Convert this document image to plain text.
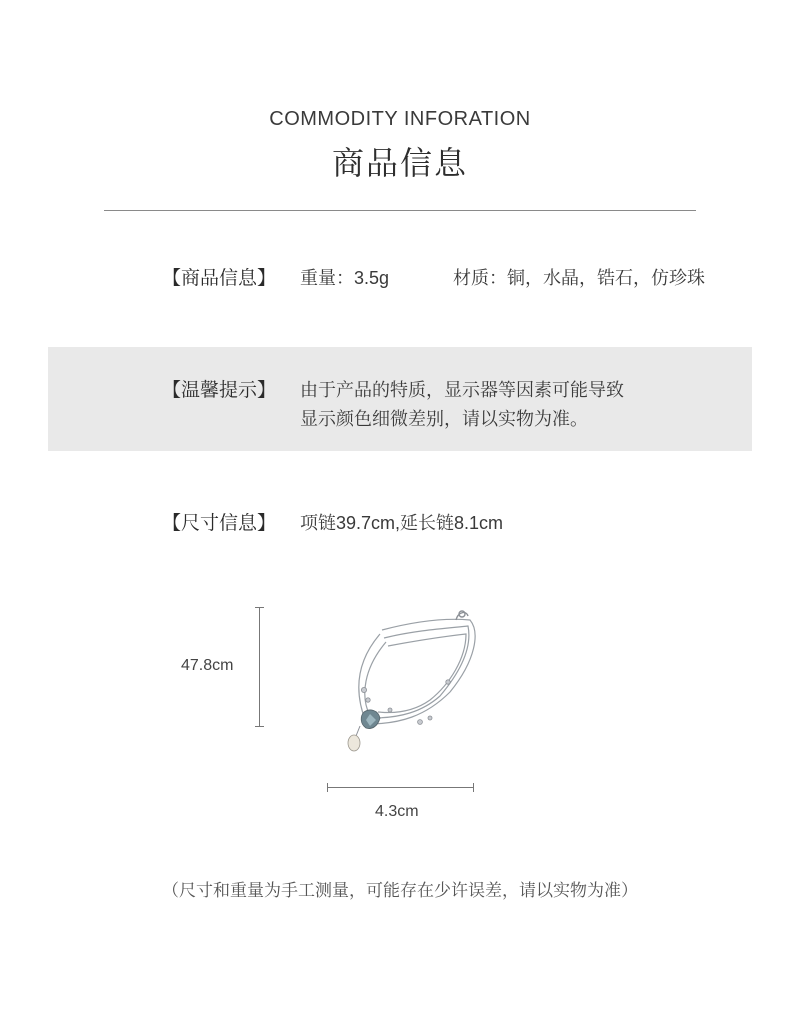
COMMODITY INFORATION
商品信息
【商品信息】 重量：3.5g	材质：铜，水晶，锆石，仿珍珠
【温馨提示】 由于产品的特质，显示器等因素可能导致
显示颜色细微差别，请以实物为准。
【尺寸信息】 项链39.7cm,延长链8.1cm
47.8cm
4.3cm
（尺寸和重量为手工测量，可能存在少许误差，请以实物为准）
